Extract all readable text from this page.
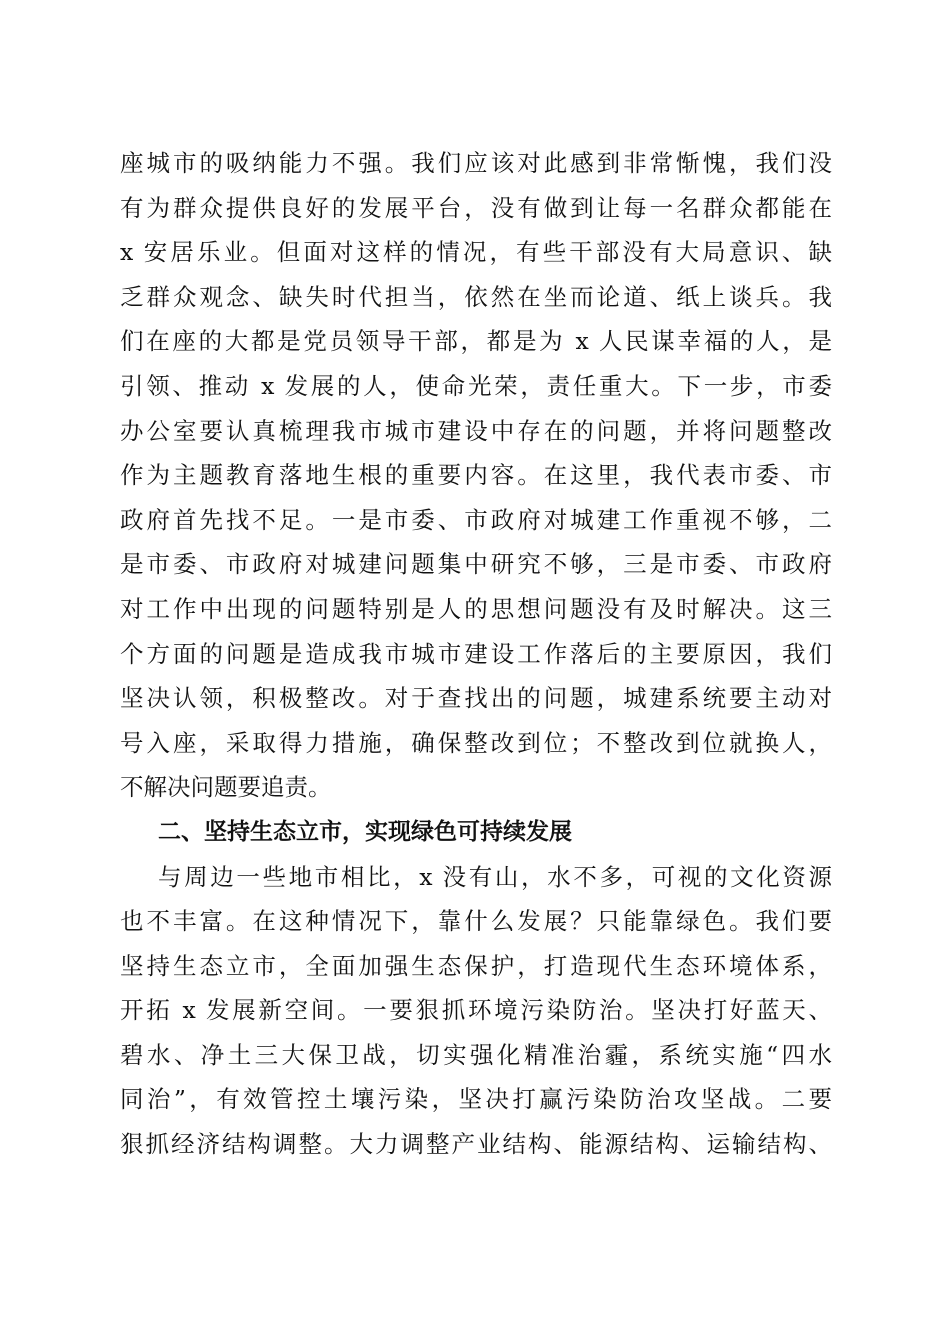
座城市的吸纳能力不强。我们应该对此感到非常惭愧，我们没
有为群众提供良好的发展平台，没有做到让每一名群众都能在
x 安居乐业。但面对这样的情况，有些干部没有大局意识、缺
乏群众观念、缺失时代担当，依然在坐而论道、纸上谈兵。我
们在座的大都是党员领导干部，都是为 x 人民谋幸福的人，是
引领、推动 x 发展的人，使命光荣，责任重大。下一步，市委
办公室要认真梳理我市城市建设中存在的问题，并将问题整改
作为主题教育落地生根的重要内容。在这里，我代表市委、市
政府首先找不足。一是市委、市政府对城建工作重视不够，二
是市委、市政府对城建问题集中研究不够，三是市委、市政府
对工作中出现的问题特别是人的思想问题没有及时解决。这三
个方面的问题是造成我市城市建设工作落后的主要原因，我们
坚决认领，积极整改。对于查找出的问题，城建系统要主动对
号入座，采取得力措施，确保整改到位；不整改到位就换人，
不解决问题要追责。
二、坚持生态立市，实现绿色可持续发展
与周边一些地市相比，x 没有山，水不多，可视的文化资源
也不丰富。在这种情况下，靠什么发展？只能靠绿色。我们要
坚持生态立市，全面加强生态保护，打造现代生态环境体系，
开拓 x 发展新空间。一要狠抓环境污染防治。坚决打好蓝天、
碧水、净土三大保卫战，切实强化精准治霾，系统实施“四水
同治”，有效管控土壤污染，坚决打赢污染防治攻坚战。二要
狠抓经济结构调整。大力调整产业结构、能源结构、运输结构、
